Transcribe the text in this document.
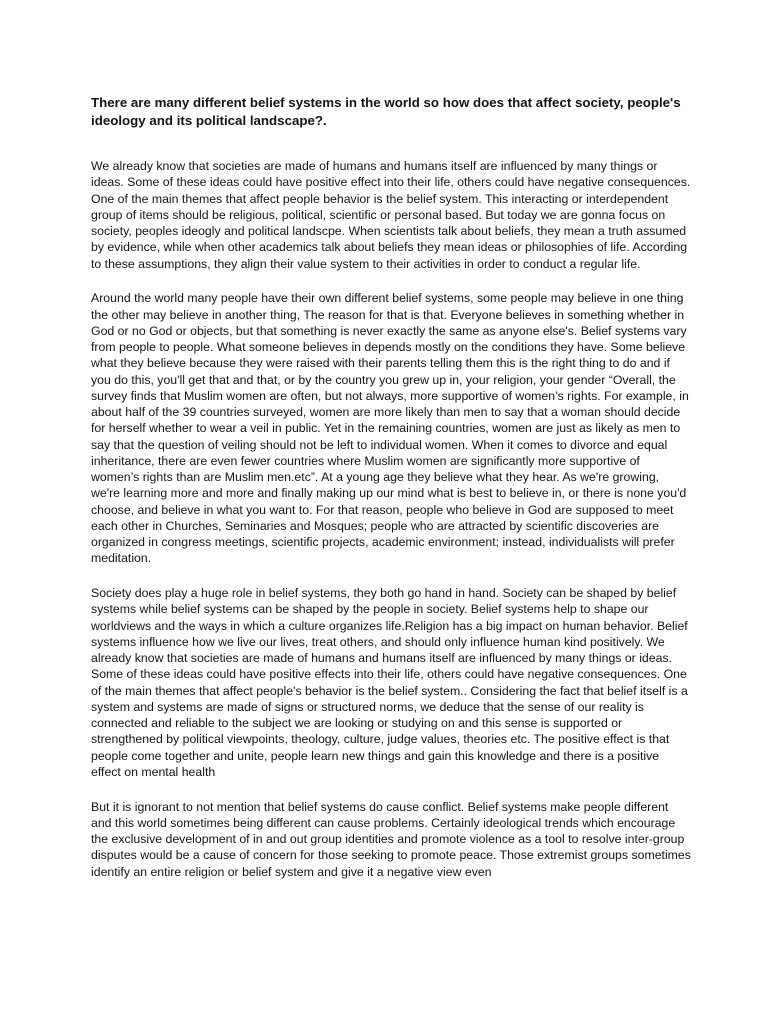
There are many different belief systems in the world so how does that affect society, people's ideology and its political landscape?.

We already know that societies are made of humans and humans itself are influenced by many things or ideas. Some of these ideas could have positive effect into their life, others could have negative consequences. One of the main themes that affect people behavior is the belief system. This interacting or interdependent group of items should be religious, political, scientific or personal based. But today we are gonna focus on society, peoples ideogly and political landscpe. When scientists talk about beliefs, they mean a truth assumed by evidence, while when other academics talk about beliefs they mean ideas or philosophies of life. According to these assumptions, they align their value system to their activities in order to conduct a regular life.

Around the world many people have their own different belief systems, some people may believe in one thing the other may believe in another thing, The reason for that is that. Everyone believes in something whether in God or no God or objects, but that something is never exactly the same as anyone else's. Belief systems vary from people to people. What someone believes in depends mostly on the conditions they have. Some believe what they believe because they were raised with their parents telling them this is the right thing to do and if you do this, you'll get that and that, or by the country you grew up in, your religion, your gender “Overall, the survey finds that Muslim women are often, but not always, more supportive of women’s rights. For example, in about half of the 39 countries surveyed, women are more likely than men to say that a woman should decide for herself whether to wear a veil in public. Yet in the remaining countries, women are just as likely as men to say that the question of veiling should not be left to individual women. When it comes to divorce and equal inheritance, there are even fewer countries where Muslim women are significantly more supportive of women’s rights than are Muslim men.etc”. At a young age they believe what they hear. As we're growing, we're learning more and more and finally making up our mind what is best to believe in, or there is none you'd choose, and believe in what you want to. For that reason, people who believe in God are supposed to meet each other in Churches, Seminaries and Mosques; people who are attracted by scientific discoveries are organized in congress meetings, scientific projects, academic environment; instead, individualists will prefer meditation.

Society does play a huge role in belief systems, they both go hand in hand. Society can be shaped by belief systems while belief systems can be shaped by the people in society. Belief systems help to shape our worldviews and the ways in which a culture organizes life.Religion has a big impact on human behavior. Belief systems influence how we live our lives, treat others, and should only influence human kind positively. We already know that societies are made of humans and humans itself are influenced by many things or ideas. Some of these ideas could have positive effects into their life, others could have negative consequences. One of the main themes that affect people's behavior is the belief system.. Considering the fact that belief itself is a system and systems are made of signs or structured norms, we deduce that the sense of our reality is connected and reliable to the subject we are looking or studying on and this sense is supported or strengthened by political viewpoints, theology, culture, judge values, theories etc. The positive effect is that people come together and unite, people learn new things and gain this knowledge and there is a positive effect on mental health

But it is ignorant to not mention that belief systems do cause conflict. Belief systems make people different and this world sometimes being different can cause problems. Certainly ideological trends which encourage the exclusive development of in and out group identities and promote violence as a tool to resolve inter-group disputes would be a cause of concern for those seeking to promote peace. Those extremist groups sometimes identify an entire religion or belief system and give it a negative view even
